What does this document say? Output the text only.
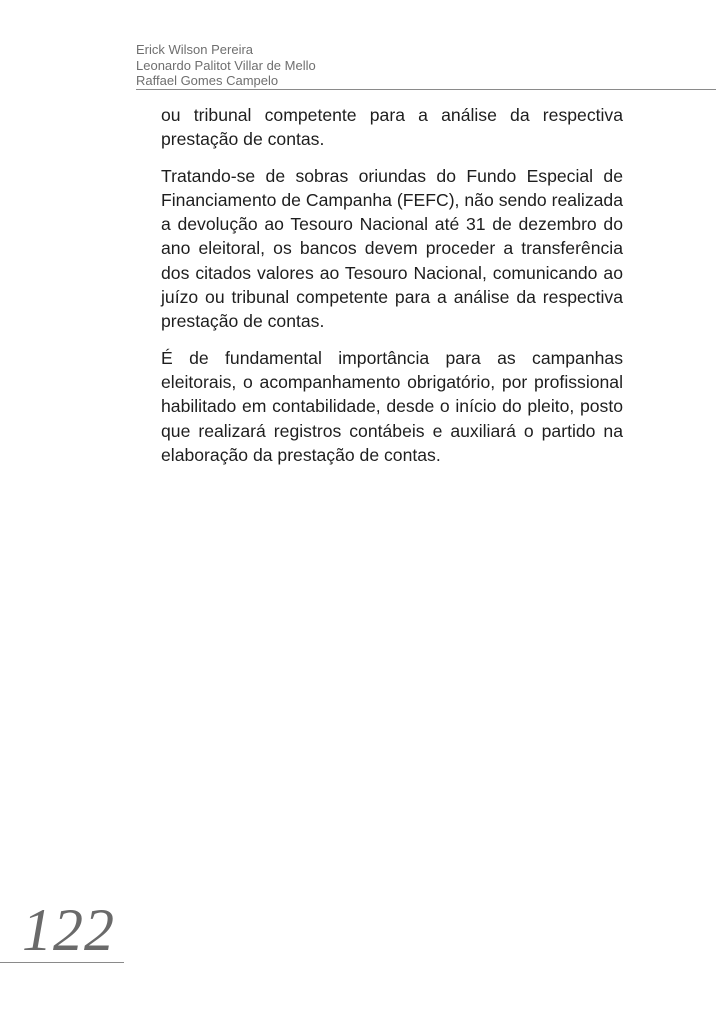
Erick Wilson Pereira
Leonardo Palitot Villar de Mello
Raffael Gomes Campelo

ou tribunal competente para a análise da respectiva prestação de contas.

Tratando-se de sobras oriundas do Fundo Especial de Financiamento de Campanha (FEFC), não sendo realizada a devolução ao Tesouro Nacional até 31 de dezembro do ano eleitoral, os bancos devem proceder a transferência dos citados valores ao Tesouro Nacional, comunicando ao juízo ou tribunal competente para a análise da respectiva prestação de contas.

É de fundamental importância para as campanhas eleitorais, o acompanhamento obrigatório, por profissional habilitado em contabilidade, desde o início do pleito, posto que realizará registros contábeis e auxiliará o partido na elaboração da prestação de contas.

122
